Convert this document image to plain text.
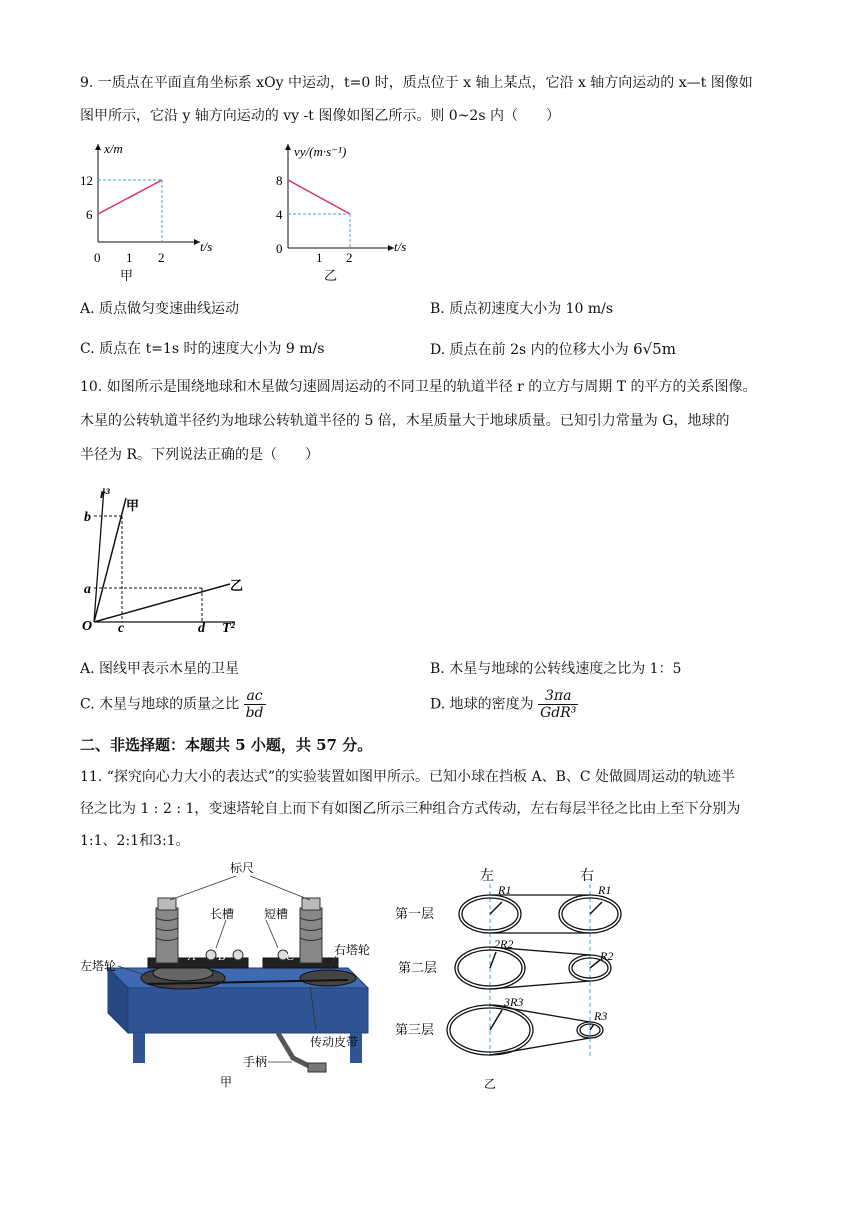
9. 一质点在平面直角坐标系 xOy 中运动，t=0 时，质点位于 x 轴上某点，它沿 x 轴方向运动的 x—t 图像如
图甲所示，它沿 y 轴方向运动的 vy -t 图像如图乙所示。则 0~2s 内（　　）
x/m
t/s
12
6
0 1 2
甲
vy/(m·s⁻¹)
t/s
8
4
0
1 2
乙
A. 质点做匀变速曲线运动	B. 质点初速度大小为 10 m/s
C. 质点在 t=1s 时的速度大小为 9 m/s	D. 质点在前 2s 内的位移大小为 6√5m
10. 如图所示是围绕地球和木星做匀速圆周运动的不同卫星的轨道半径 r 的立方与周期 T 的平方的关系图像。
木星的公转轨道半径约为地球公转轨道半径的 5 倍，木星质量大于地球质量。已知引力常量为 G，地球的
半径为 R。下列说法正确的是（　　）
r³
甲
b
a	乙
O c	d T²
A. 图线甲表示木星的卫星	B. 木星与地球的公转线速度之比为 1：5
C. 木星与地球的质量之比 $\frac{ac}{bd}$	D. 地球的密度为 $\frac{3\pi a}{\text{GdR³}}$
二、非选择题：本题共 5 小题，共 57 分。
11. “探究向心力大小的表达式”的实验装置如图甲所示。已知小球在挡板 A、B、C 处做圆周运动的轨迹半
径之比为 1 : 2 : 1，变速塔轮自上而下有如图乙所示三种组合方式传动，左右每层半径之比由上至下分别为
1:1、2:1和3:1。
标尺
长槽 短槽
左塔轮
右塔轮
A B	C
手柄
传动皮带
甲
左	右
第一层
R1	R1
第二层
2R2
R2
第三层
3R3
R3
乙
